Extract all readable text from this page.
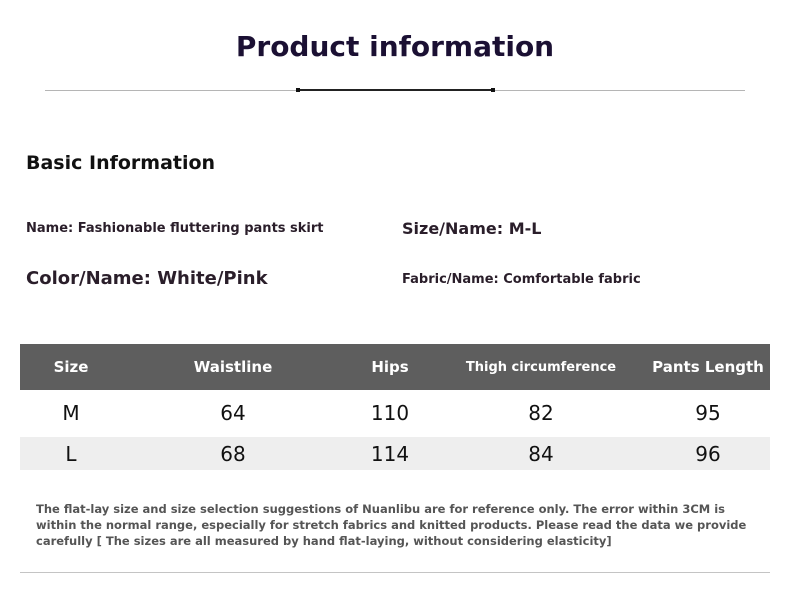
Product information
Basic Information
Name: Fashionable fluttering pants skirt	Size/Name: M-L
Color/Name: White/Pink	Fabric/Name: Comfortable fabric
Size	Waistline	Hips	Thigh circumference	Pants Length
M	64	110	82	95
L	68	114	84	96
The flat-lay size and size selection suggestions of Nuanlibu are for reference only. The error within 3CM is within the normal range, especially for stretch fabrics and knitted products. Please read the data we provide carefully [ The sizes are all measured by hand flat-laying, without considering elasticity]
